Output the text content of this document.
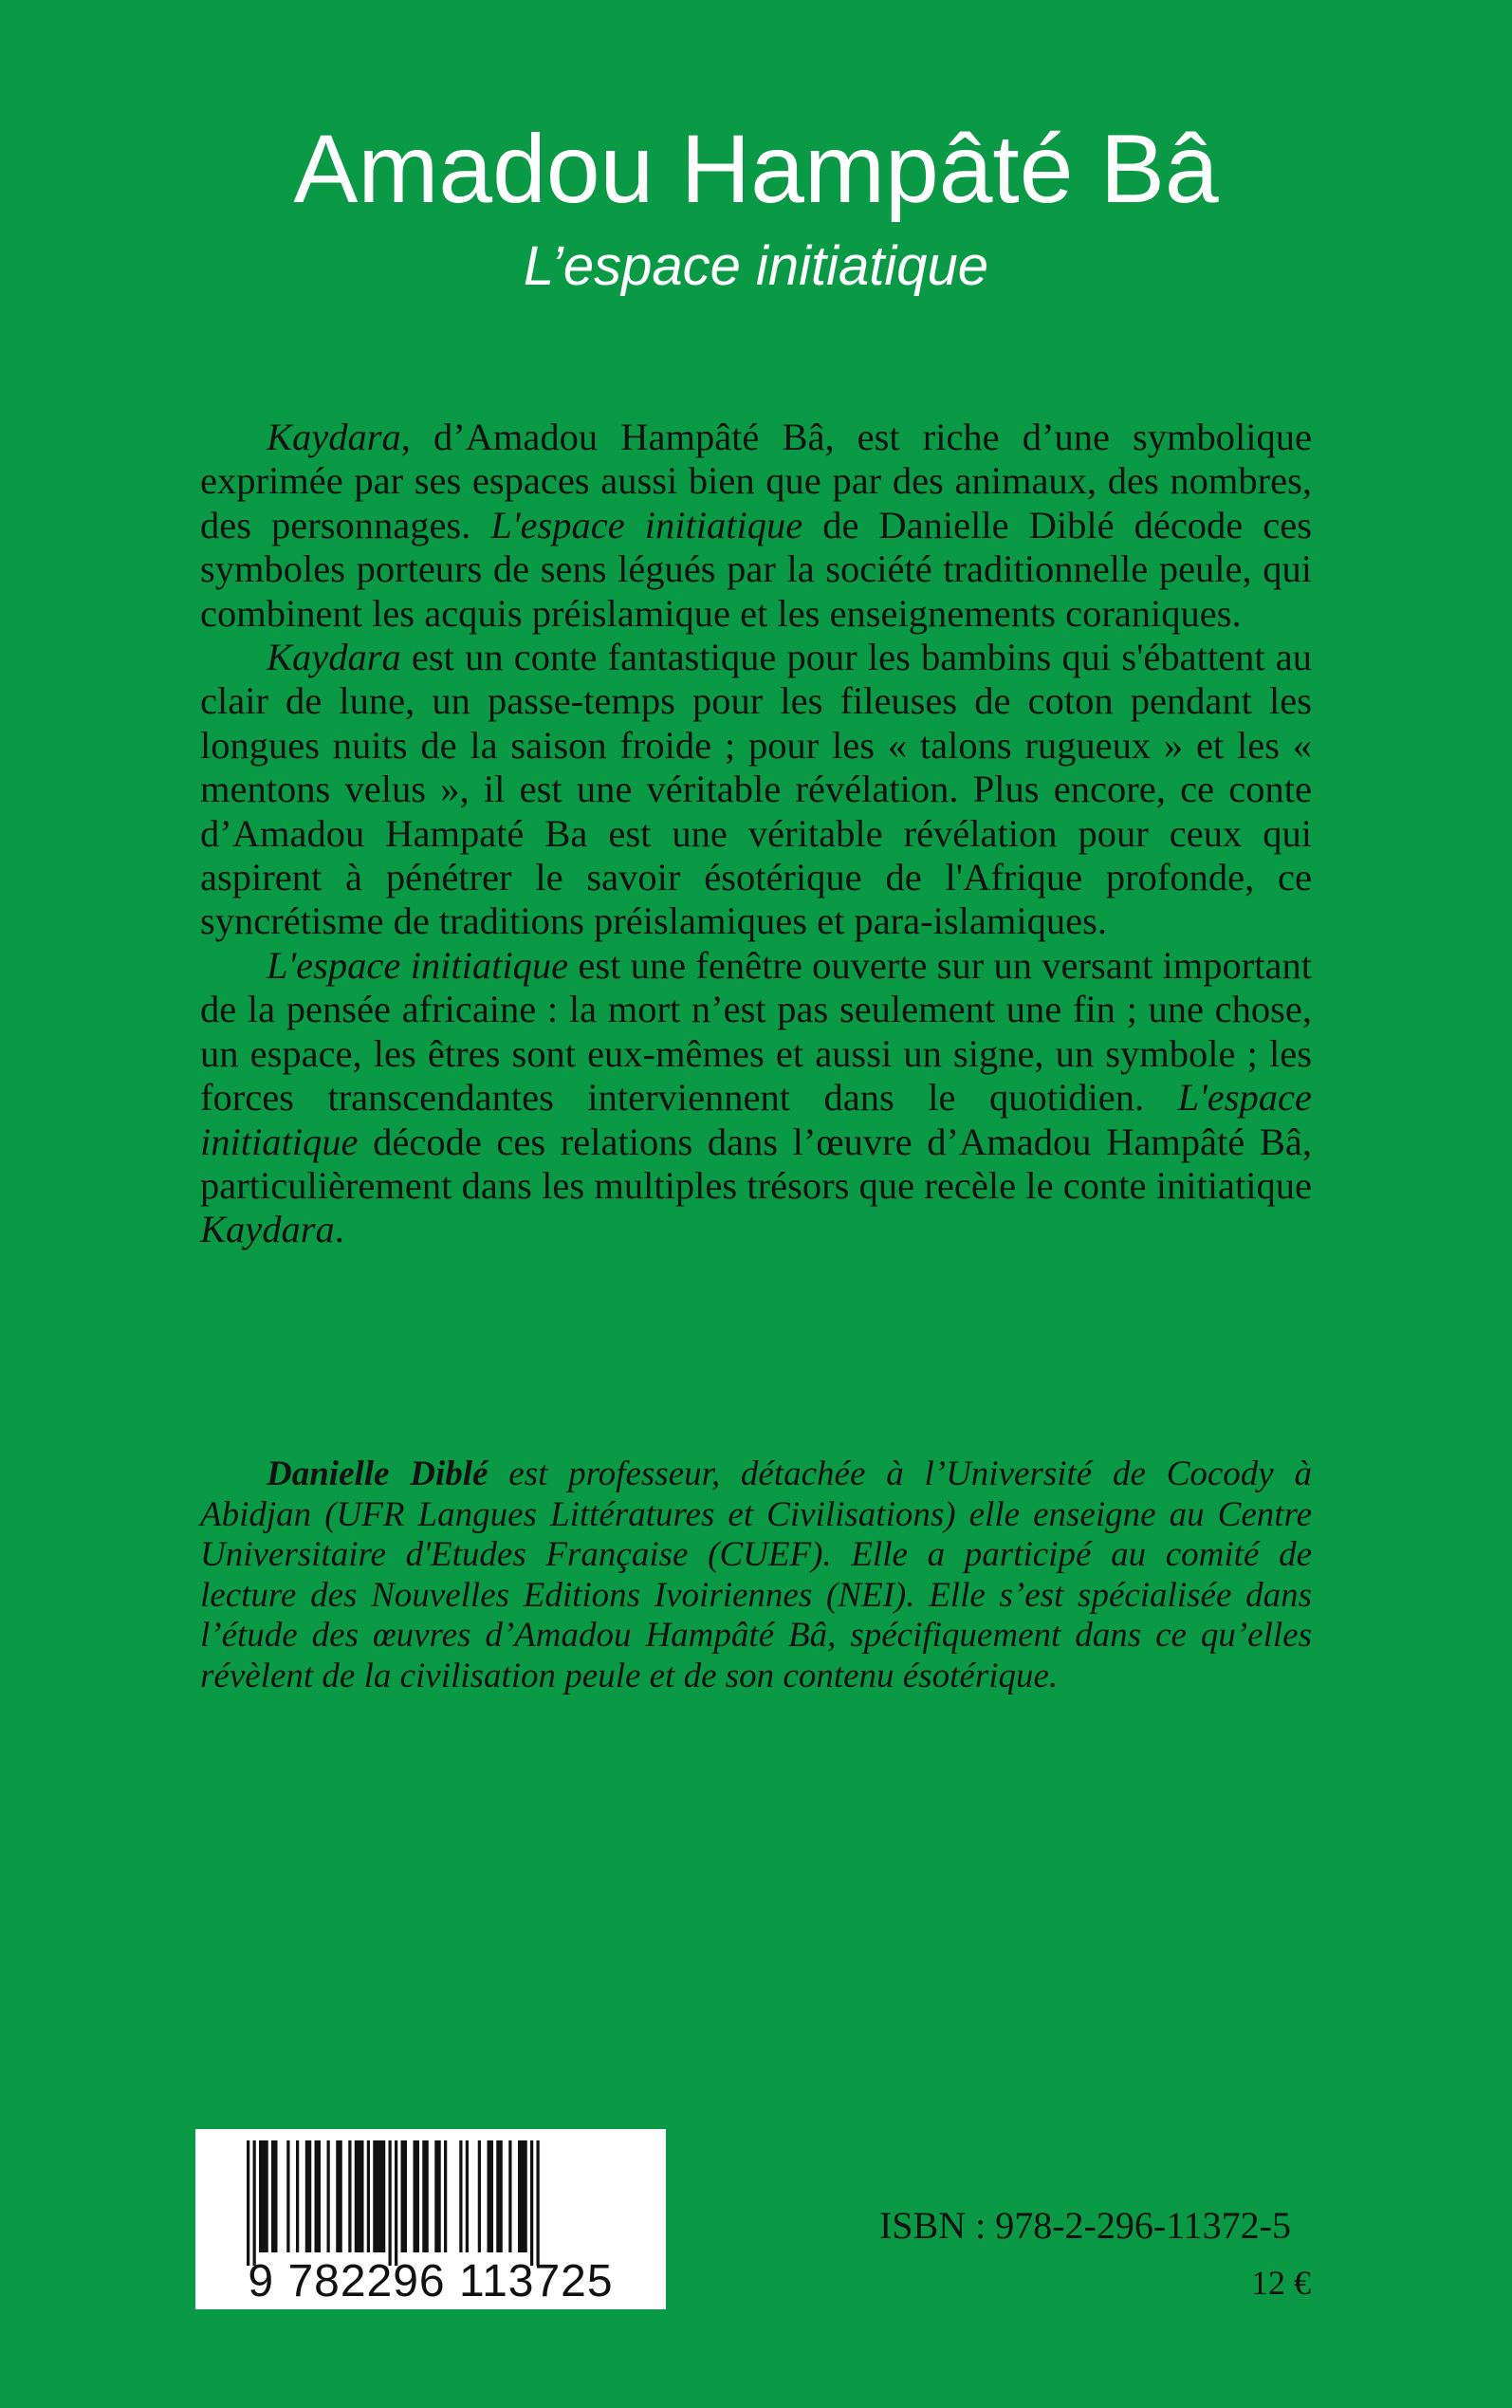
Amadou Hampâté Bâ
L’espace initiatique

Kaydara, d’Amadou Hampâté Bâ, est riche d’une symbolique exprimée par ses espaces aussi bien que par des animaux, des nombres, des personnages. L'espace initiatique de Danielle Diblé décode ces symboles porteurs de sens légués par la société traditionnelle peule, qui combinent les acquis préislamique et les enseignements coraniques.

Kaydara est un conte fantastique pour les bambins qui s'ébattent au clair de lune, un passe-temps pour les fileuses de coton pendant les longues nuits de la saison froide ; pour les « talons rugueux » et les « mentons velus », il est une véritable révélation. Plus encore, ce conte d’Amadou Hampaté Ba est une véritable révélation pour ceux qui aspirent à pénétrer le savoir ésotérique de l'Afrique profonde, ce syncrétisme de traditions préislamiques et para-islamiques.

L'espace initiatique est une fenêtre ouverte sur un versant important de la pensée africaine : la mort n’est pas seulement une fin ; une chose, un espace, les êtres sont eux-mêmes et aussi un signe, un symbole ; les forces transcendantes interviennent dans le quotidien. L'espace initiatique décode ces relations dans l’œuvre d’Amadou Hampâté Bâ, particulièrement dans les multiples trésors que recèle le conte initiatique Kaydara.

Danielle Diblé est professeur, détachée à l’Université de Cocody à Abidjan (UFR Langues Littératures et Civilisations) elle enseigne au Centre Universitaire d'Etudes Française (CUEF). Elle a participé au comité de lecture des Nouvelles Editions Ivoiriennes (NEI). Elle s’est spécialisée dans l’étude des œuvres d’Amadou Hampâté Bâ, spécifiquement dans ce qu’elles révèlent de la civilisation peule et de son contenu ésotérique.

9 782296 113725
ISBN : 978-2-296-11372-5
12 €
